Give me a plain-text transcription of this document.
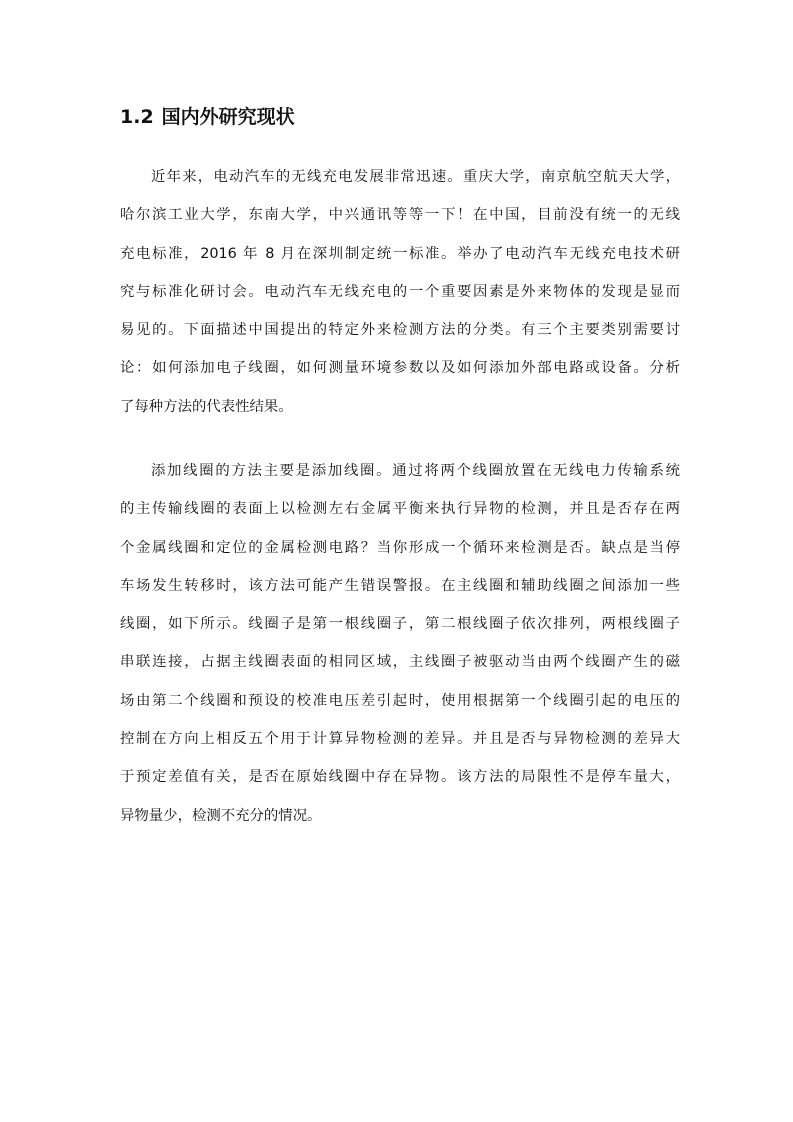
1.2 国内外研究现状
近年来，电动汽车的无线充电发展非常迅速。重庆大学，南京航空航天大学，
哈尔滨工业大学，东南大学，中兴通讯等等一下！在中国，目前没有统一的无线
充电标准，2016 年 8 月在深圳制定统一标准。举办了电动汽车无线充电技术研
究与标准化研讨会。电动汽车无线充电的一个重要因素是外来物体的发现是显而
易见的。下面描述中国提出的特定外来检测方法的分类。有三个主要类别需要讨
论：如何添加电子线圈，如何测量环境参数以及如何添加外部电路或设备。分析
了每种方法的代表性结果。
添加线圈的方法主要是添加线圈。通过将两个线圈放置在无线电力传输系统
的主传输线圈的表面上以检测左右金属平衡来执行异物的检测，并且是否存在两
个金属线圈和定位的金属检测电路？当你形成一个循环来检测是否。缺点是当停
车场发生转移时，该方法可能产生错误警报。在主线圈和辅助线圈之间添加一些
线圈，如下所示。线圈子是第一根线圈子，第二根线圈子依次排列，两根线圈子
串联连接，占据主线圈表面的相同区域，主线圈子被驱动当由两个线圈产生的磁
场由第二个线圈和预设的校准电压差引起时，使用根据第一个线圈引起的电压的
控制在方向上相反五个用于计算异物检测的差异。并且是否与异物检测的差异大
于预定差值有关，是否在原始线圈中存在异物。该方法的局限性不是停车量大，
异物量少，检测不充分的情况。
